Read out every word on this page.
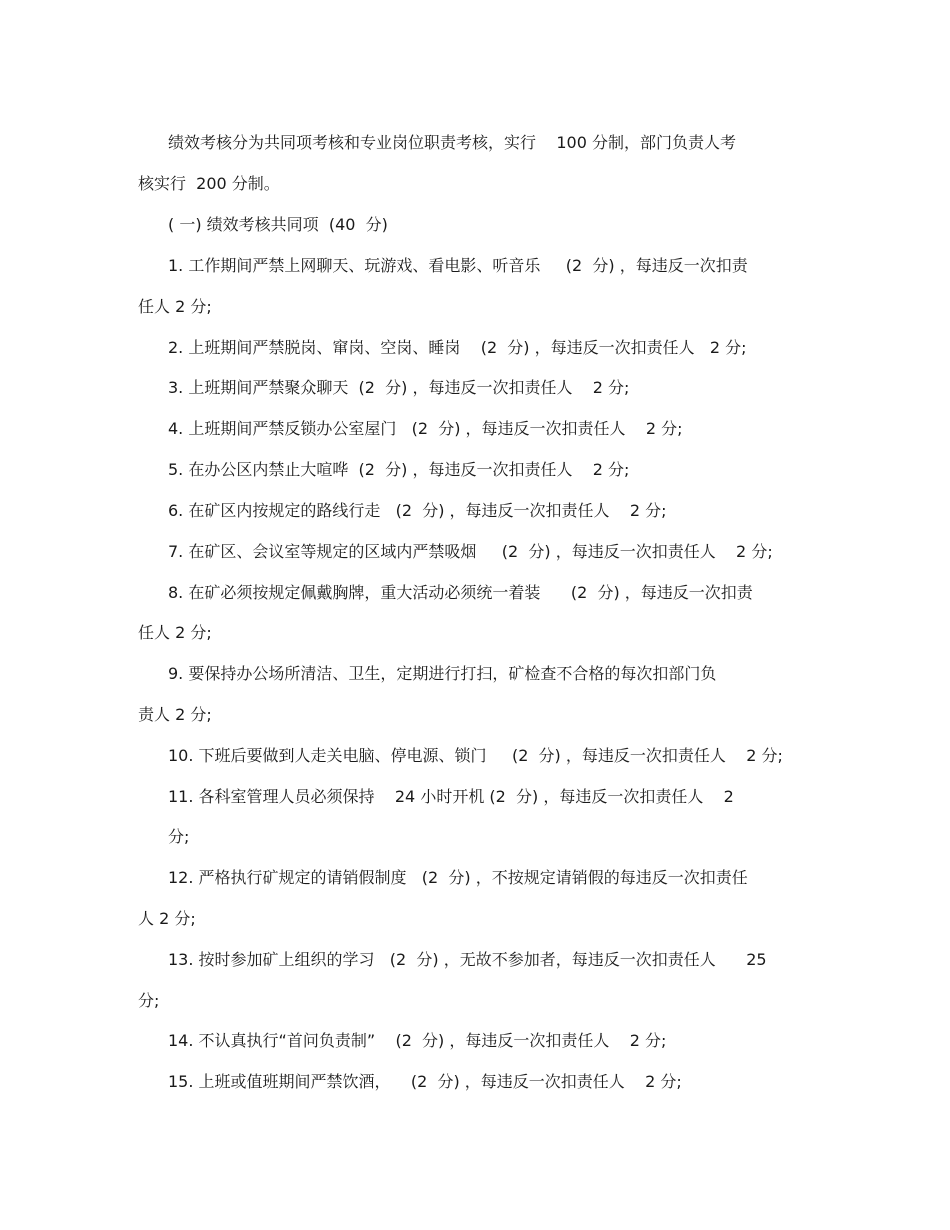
绩效考核分为共同项考核和专业岗位职责考核，实行    100 分制，部门负责人考
核实行  200 分制。
( 一) 绩效考核共同项  (40  分)
1. 工作期间严禁上网聊天、玩游戏、看电影、听音乐     (2  分) ，每违反一次扣责
任人 2 分;
2. 上班期间严禁脱岗、窜岗、空岗、睡岗    (2  分) ，每违反一次扣责任人   2 分;
3. 上班期间严禁聚众聊天  (2  分) ，每违反一次扣责任人    2 分;
4. 上班期间严禁反锁办公室屋门   (2  分) ，每违反一次扣责任人    2 分;
5. 在办公区内禁止大喧哗  (2  分) ，每违反一次扣责任人    2 分;
6. 在矿区内按规定的路线行走   (2  分) ，每违反一次扣责任人    2 分;
7. 在矿区、会议室等规定的区域内严禁吸烟     (2  分) ，每违反一次扣责任人    2 分;
8. 在矿必须按规定佩戴胸牌，重大活动必须统一着装      (2  分) ，每违反一次扣责
任人 2 分;
9. 要保持办公场所清洁、卫生，定期进行打扫，矿检查不合格的每次扣部门负
责人 2 分;
10. 下班后要做到人走关电脑、停电源、锁门     (2  分) ，每违反一次扣责任人    2 分;
11. 各科室管理人员必须保持    24 小时开机 (2  分) ，每违反一次扣责任人    2
分;
12. 严格执行矿规定的请销假制度   (2  分) ，不按规定请销假的每违反一次扣责任
人 2 分;
13. 按时参加矿上组织的学习   (2  分) ，无故不参加者，每违反一次扣责任人      25
分;
14. 不认真执行“首问负责制”    (2  分) ，每违反一次扣责任人    2 分;
15. 上班或值班期间严禁饮酒，    (2  分) ，每违反一次扣责任人    2 分;
